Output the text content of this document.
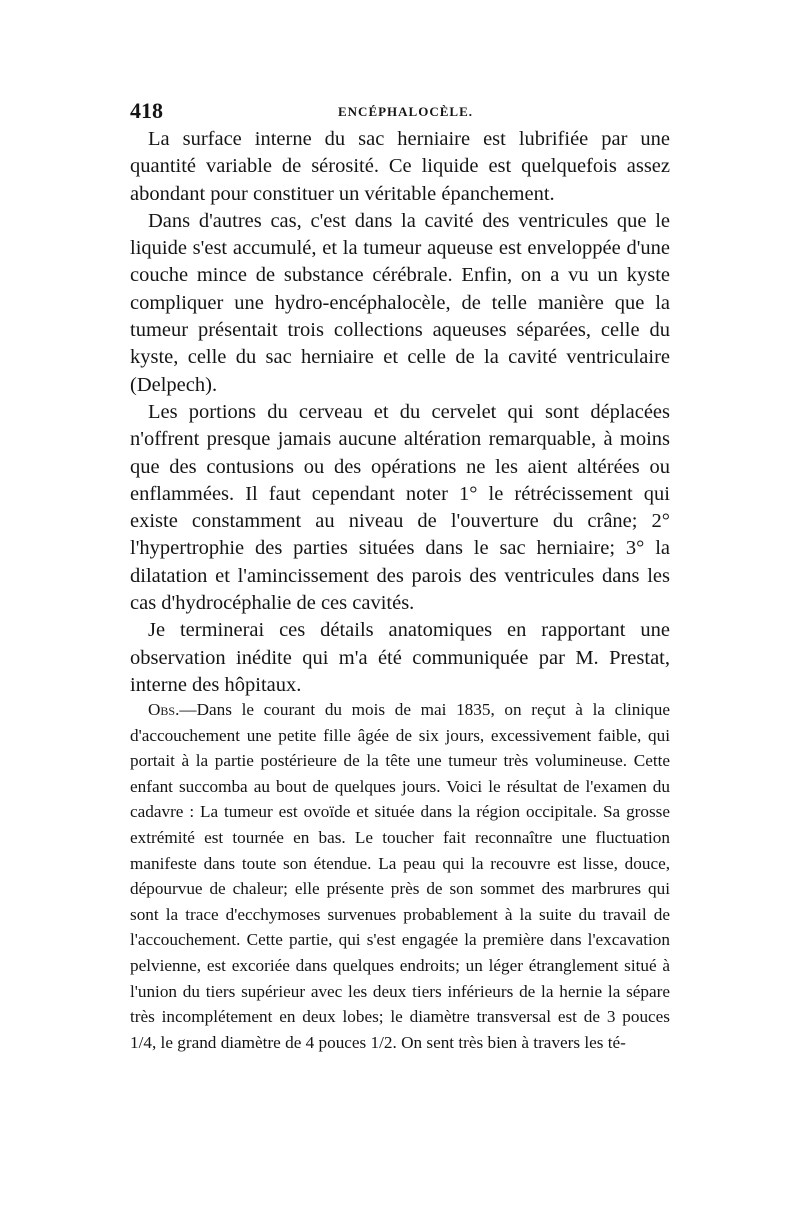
418	ENCÉPHALOCÈLE.

La surface interne du sac herniaire est lubrifiée par une quantité variable de sérosité. Ce liquide est quelquefois assez abondant pour constituer un véritable épanchement.

Dans d'autres cas, c'est dans la cavité des ventricules que le liquide s'est accumulé, et la tumeur aqueuse est enveloppée d'une couche mince de substance cérébrale. Enfin, on a vu un kyste compliquer une hydro-encéphalocèle, de telle manière que la tumeur présentait trois collections aqueuses séparées, celle du kyste, celle du sac herniaire et celle de la cavité ventriculaire (Delpech).

Les portions du cerveau et du cervelet qui sont déplacées n'offrent presque jamais aucune altération remarquable, à moins que des contusions ou des opérations ne les aient altérées ou enflammées. Il faut cependant noter 1° le rétrécissement qui existe constamment au niveau de l'ouverture du crâne; 2° l'hypertrophie des parties situées dans le sac herniaire; 3° la dilatation et l'amincissement des parois des ventricules dans les cas d'hydrocéphalie de ces cavités.

Je terminerai ces détails anatomiques en rapportant une observation inédite qui m'a été communiquée par M. Prestat, interne des hôpitaux.

Obs.—Dans le courant du mois de mai 1835, on reçut à la clinique d'accouchement une petite fille âgée de six jours, excessivement faible, qui portait à la partie postérieure de la tête une tumeur très volumineuse. Cette enfant succomba au bout de quelques jours. Voici le résultat de l'examen du cadavre : La tumeur est ovoïde et située dans la région occipitale. Sa grosse extrémité est tournée en bas. Le toucher fait reconnaître une fluctuation manifeste dans toute son étendue. La peau qui la recouvre est lisse, douce, dépourvue de chaleur; elle présente près de son sommet des marbrures qui sont la trace d'ecchymoses survenues probablement à la suite du travail de l'accouchement. Cette partie, qui s'est engagée la première dans l'excavation pelvienne, est excoriée dans quelques endroits; un léger étranglement situé à l'union du tiers supérieur avec les deux tiers inférieurs de la hernie la sépare très incomplétement en deux lobes; le diamètre transversal est de 3 pouces 1/4, le grand diamètre de 4 pouces 1/2. On sent très bien à travers les té-
